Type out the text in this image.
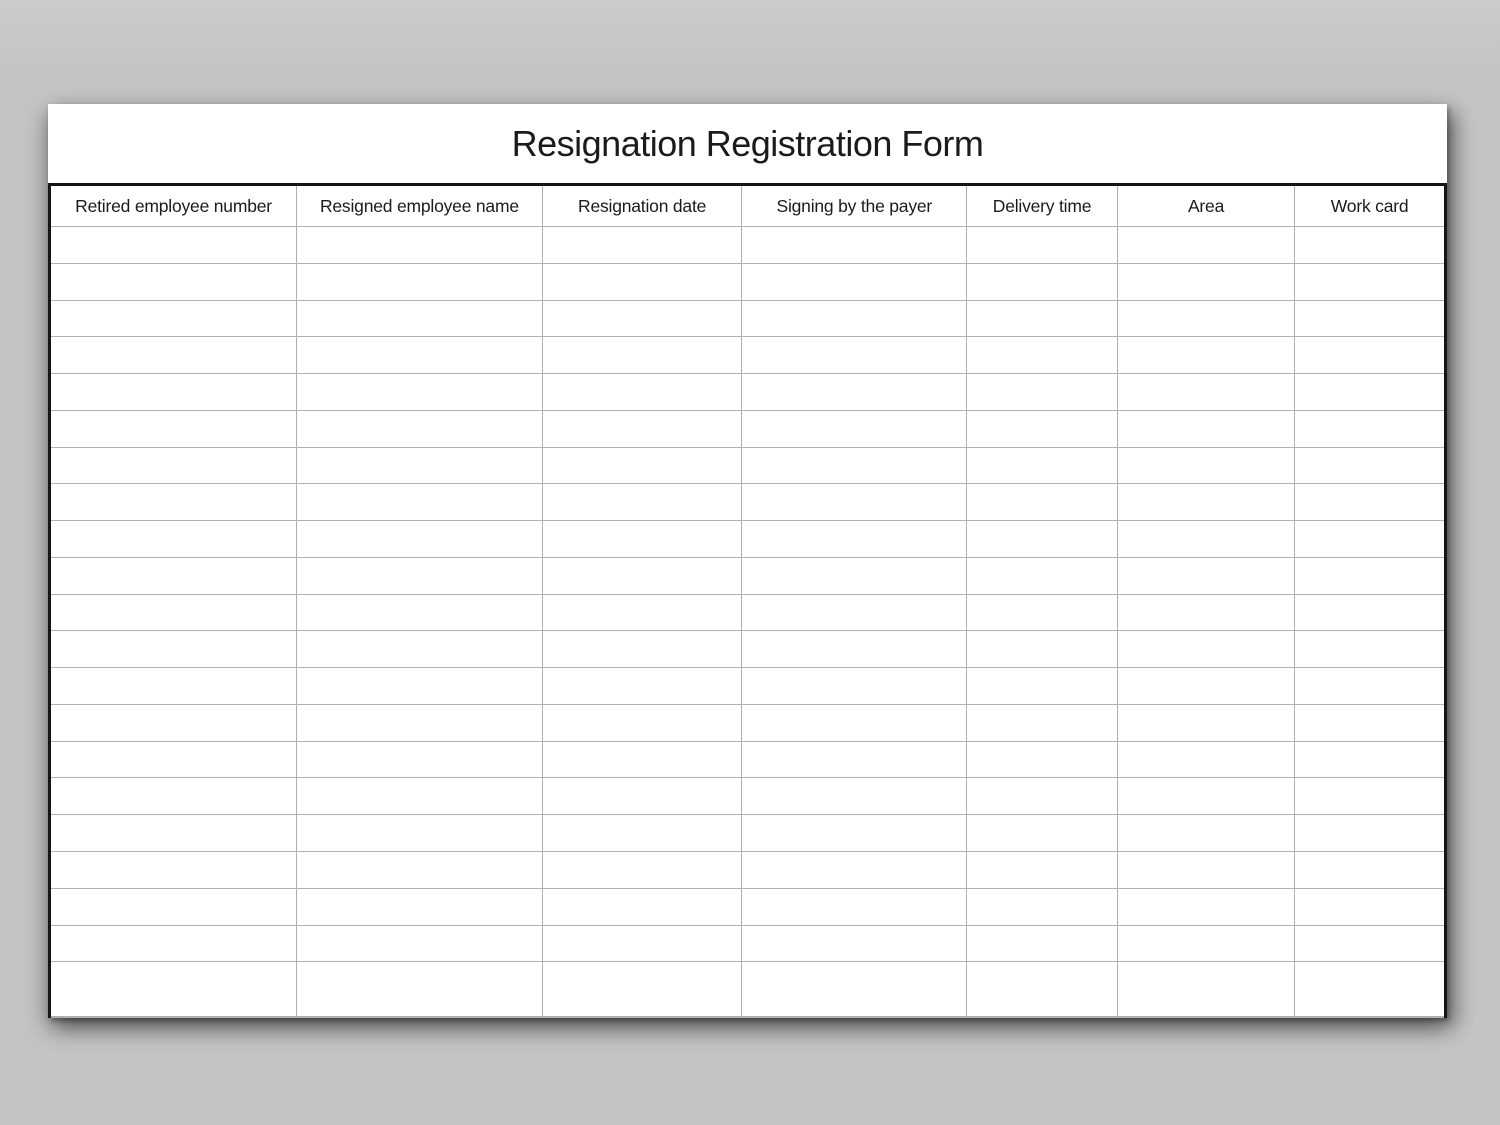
Resignation Registration Form
Retired employee number	Resigned employee name	Resignation date	Signing by the payer	Delivery time	Area	Work card
